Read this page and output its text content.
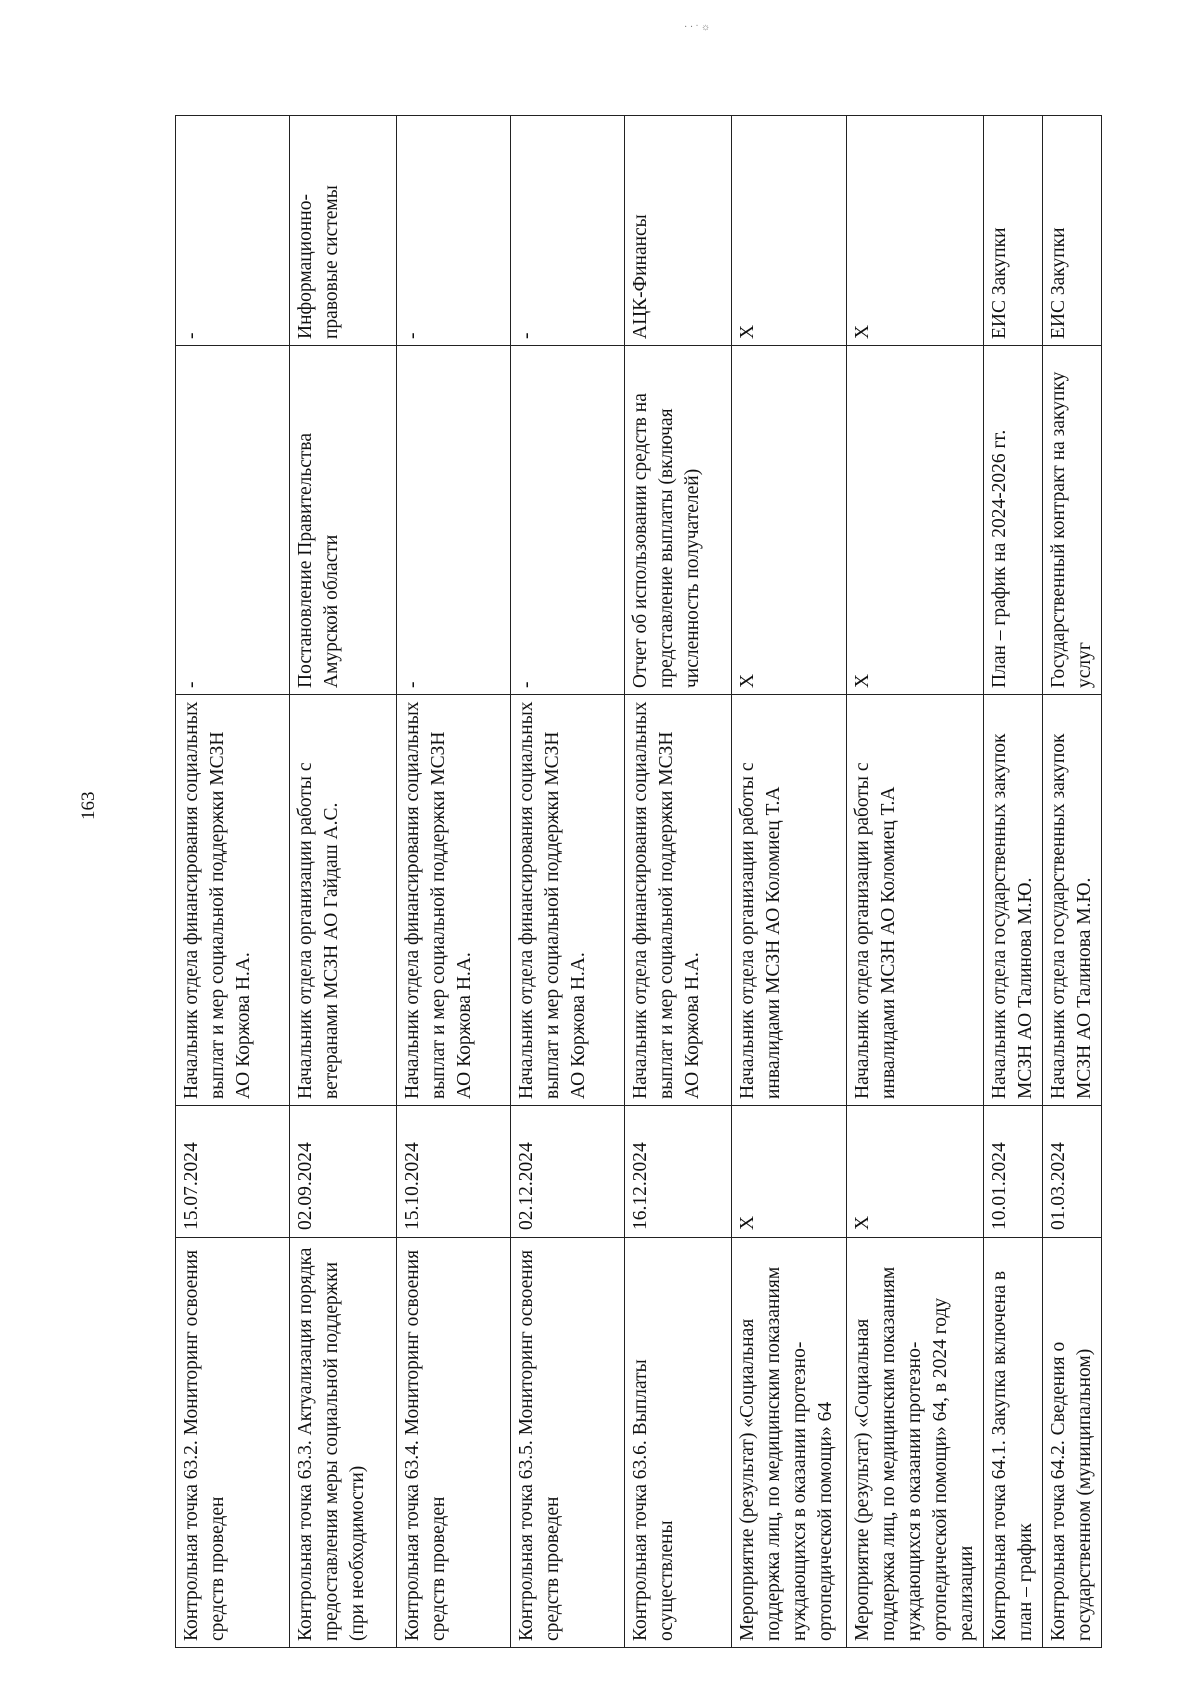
· · ˑ ☼
163
Контрольная точка 63.2. Мониторинг освоения средств проведен	15.07.2024	Начальник отдела финансирования социальных выплат и мер социальной поддержки МСЗН АО Коржова Н.А.	-	-
Контрольная точка 63.3. Актуализация порядка предоставления меры социальной поддержки (при необходимости)	02.09.2024	Начальник отдела организации работы с ветеранами МСЗН АО Гайдаш А.С.	Постановление Правительства Амурской области	Информационно-правовые системы
Контрольная точка 63.4. Мониторинг освоения средств проведен	15.10.2024	Начальник отдела финансирования социальных выплат и мер социальной поддержки МСЗН АО Коржова Н.А.	-	-
Контрольная точка 63.5. Мониторинг освоения средств проведен	02.12.2024	Начальник отдела финансирования социальных выплат и мер социальной поддержки МСЗН АО Коржова Н.А.	-	-
Контрольная точка 63.6. Выплаты осуществлены	16.12.2024	Начальник отдела финансирования социальных выплат и мер социальной поддержки МСЗН АО Коржова Н.А.	Отчет об использовании средств на представление выплаты (включая численность получателей)	АЦК-Финансы
Мероприятие (результат) «Социальная поддержка лиц, по медицинским показаниям нуждающихся в оказании протезно-ортопедической помощи» 64	Х	Начальник отдела организации работы с инвалидами МСЗН АО Коломиец Т.А	Х	Х
Мероприятие (результат) «Социальная поддержка лиц, по медицинским показаниям нуждающихся в оказании протезно-ортопедической помощи» 64, в 2024 году реализации	Х	Начальник отдела организации работы с инвалидами МСЗН АО Коломиец Т.А	Х	Х
Контрольная точка 64.1. Закупка включена в план – график	10.01.2024	Начальник отдела государственных закупок МСЗН АО Талинова М.Ю.	План – график на 2024-2026 гг.	ЕИС Закупки
Контрольная точка 64.2. Сведения о государственном (муниципальном)	01.03.2024	Начальник отдела государственных закупок МСЗН АО Талинова М.Ю.	Государственный контракт на закупку услуг	ЕИС Закупки
